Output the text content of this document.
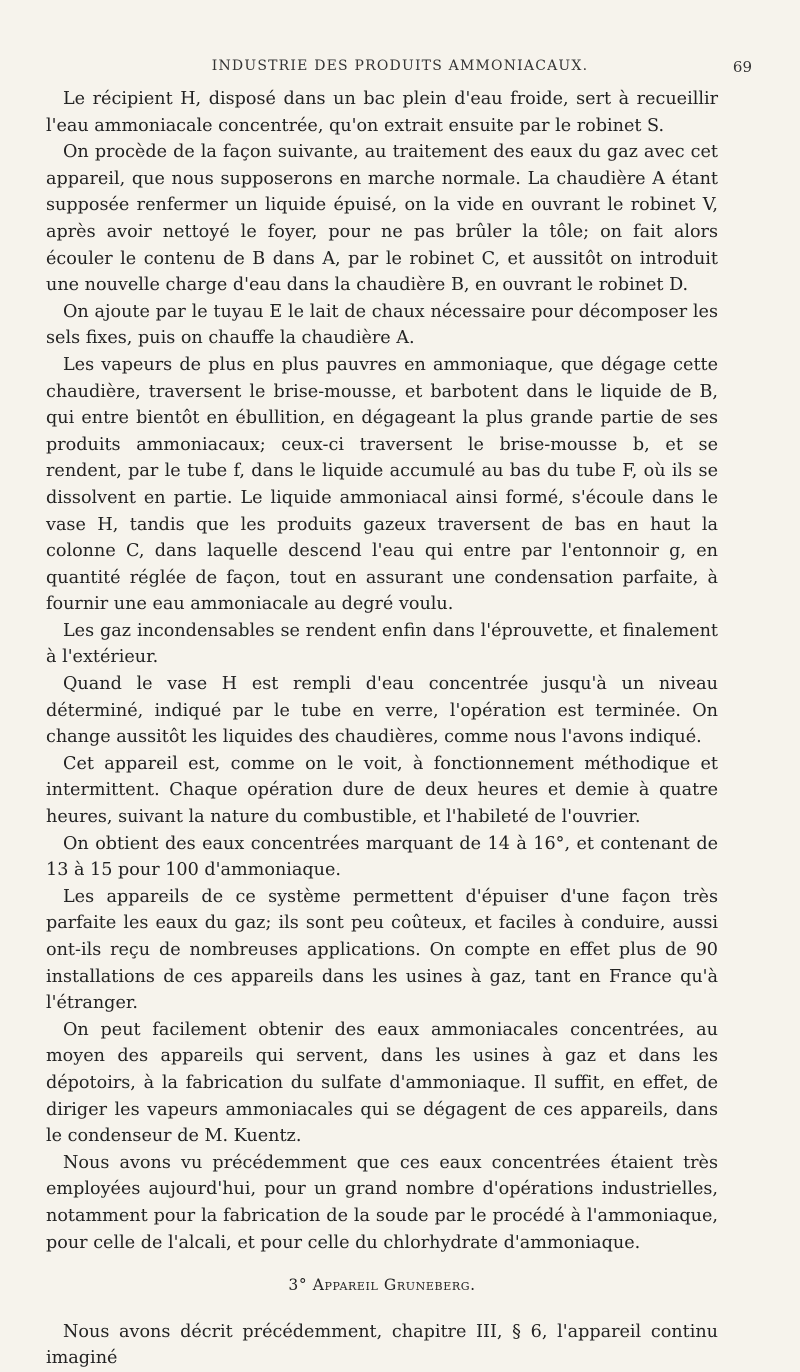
INDUSTRIE DES PRODUITS AMMONIACAUX.	69

Le récipient H, disposé dans un bac plein d'eau froide, sert à recueillir l'eau ammoniacale concentrée, qu'on extrait ensuite par le robinet S.

On procède de la façon suivante, au traitement des eaux du gaz avec cet appareil, que nous supposerons en marche normale. La chaudière A étant supposée renfermer un liquide épuisé, on la vide en ouvrant le robinet V, après avoir nettoyé le foyer, pour ne pas brûler la tôle; on fait alors écouler le contenu de B dans A, par le robinet C, et aussitôt on introduit une nouvelle charge d'eau dans la chaudière B, en ouvrant le robinet D.

On ajoute par le tuyau E le lait de chaux nécessaire pour décomposer les sels fixes, puis on chauffe la chaudière A.

Les vapeurs de plus en plus pauvres en ammoniaque, que dégage cette chaudière, traversent le brise-mousse, et barbotent dans le liquide de B, qui entre bientôt en ébullition, en dégageant la plus grande partie de ses produits ammoniacaux; ceux-ci traversent le brise-mousse b, et se rendent, par le tube f, dans le liquide accumulé au bas du tube F, où ils se dissolvent en partie. Le liquide ammoniacal ainsi formé, s'écoule dans le vase H, tandis que les produits gazeux traversent de bas en haut la colonne C, dans laquelle descend l'eau qui entre par l'entonnoir g, en quantité réglée de façon, tout en assurant une condensation parfaite, à fournir une eau ammoniacale au degré voulu.

Les gaz incondensables se rendent enfin dans l'éprouvette, et finalement à l'extérieur.

Quand le vase H est rempli d'eau concentrée jusqu'à un niveau déterminé, indiqué par le tube en verre, l'opération est terminée. On change aussitôt les liquides des chaudières, comme nous l'avons indiqué.

Cet appareil est, comme on le voit, à fonctionnement méthodique et intermittent. Chaque opération dure de deux heures et demie à quatre heures, suivant la nature du combustible, et l'habileté de l'ouvrier.

On obtient des eaux concentrées marquant de 14 à 16°, et contenant de 13 à 15 pour 100 d'ammoniaque.

Les appareils de ce système permettent d'épuiser d'une façon très parfaite les eaux du gaz; ils sont peu coûteux, et faciles à conduire, aussi ont-ils reçu de nombreuses applications. On compte en effet plus de 90 installations de ces appareils dans les usines à gaz, tant en France qu'à l'étranger.

On peut facilement obtenir des eaux ammoniacales concentrées, au moyen des appareils qui servent, dans les usines à gaz et dans les dépotoirs, à la fabrication du sulfate d'ammoniaque. Il suffit, en effet, de diriger les vapeurs ammoniacales qui se dégagent de ces appareils, dans le condenseur de M. Kuentz.

Nous avons vu précédemment que ces eaux concentrées étaient très employées aujourd'hui, pour un grand nombre d'opérations industrielles, notamment pour la fabrication de la soude par le procédé à l'ammoniaque, pour celle de l'alcali, et pour celle du chlorhydrate d'ammoniaque.

3° Appareil Gruneberg.

Nous avons décrit précédemment, chapitre III, § 6, l'appareil continu imaginé
